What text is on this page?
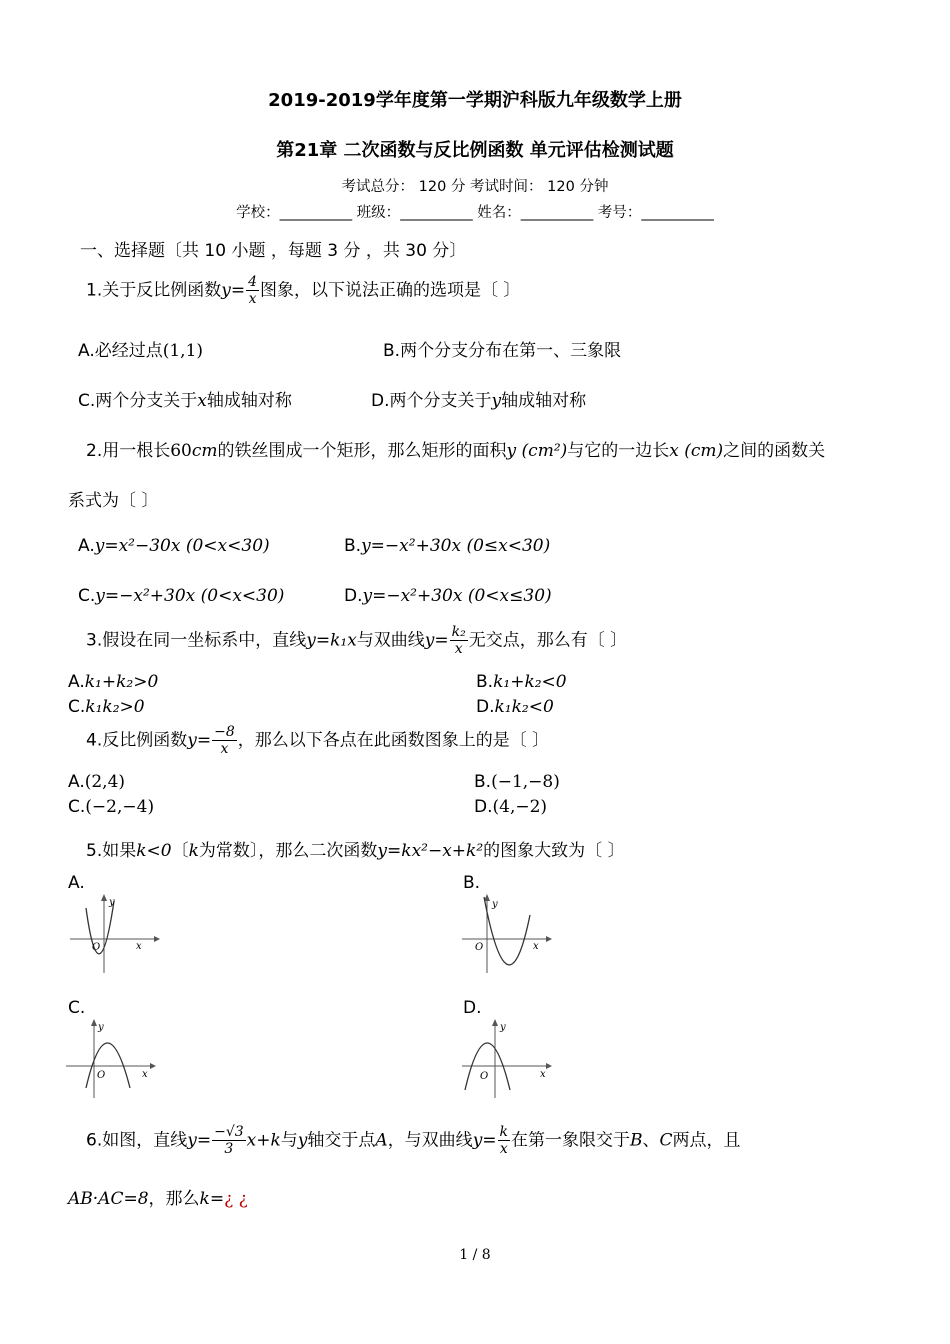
2019-2019学年度第一学期沪科版九年级数学上册
第21章 二次函数与反比例函数 单元评估检测试题
考试总分： 120 分 考试时间： 120 分钟
学校：__________ 班级：__________ 姓名：__________ 考号：__________
一、选择题〔共 10 小题 ，每题 3 分 ，共 30 分〕
1.关于反比例函数$y= \frac{4}{x}$ 图象，以下说法正确的选项是〔 〕
A.必经过点(1,1)	B.两个分支分布在第一、三象限
C.两个分支关于x轴成轴对称	D.两个分支关于y轴成轴对称
2.用一根长60cm的铁丝围成一个矩形，那么矩形的面积y (cm²)与它的一边长x (cm)之间的函数关
系式为〔 〕
A.y=x²−30x (0<x<30)	B.y=−x²+30x (0≤x<30)
C.y=−x²+30x (0<x<30)	D.y=−x²+30x (0<x≤30)
3.假设在同一坐标系中，直线y=k₁x与双曲线$y= \frac{\text{k₂}}{x}$ 无交点，那么有〔 〕
A.k₁+k₂>0	B.k₁+k₂<0
C.k₁k₂>0	D.k₁k₂<0
4.反比例函数$y= \frac{-8}{x}$ ，那么以下各点在此函数图象上的是〔 〕
A.(2,4)	B.(−1,−8)
C.(−2,−4)	D.(4,−2)
5.如果k<0〔k为常数〕，那么二次函数y=kx²−x+k²的图象大致为〔 〕
A.	B.
C.	D.
y
x
O
y
x
O
y
x
O
y
x
O
6.如图，直线$y= \frac{-√3}{3} x+k$与y轴交于点A，与双曲线$y= \frac{k}{x}$ 在第一象限交于B、C两点，且
AB·AC=8，那么k=¿ ¿
1 / 8
